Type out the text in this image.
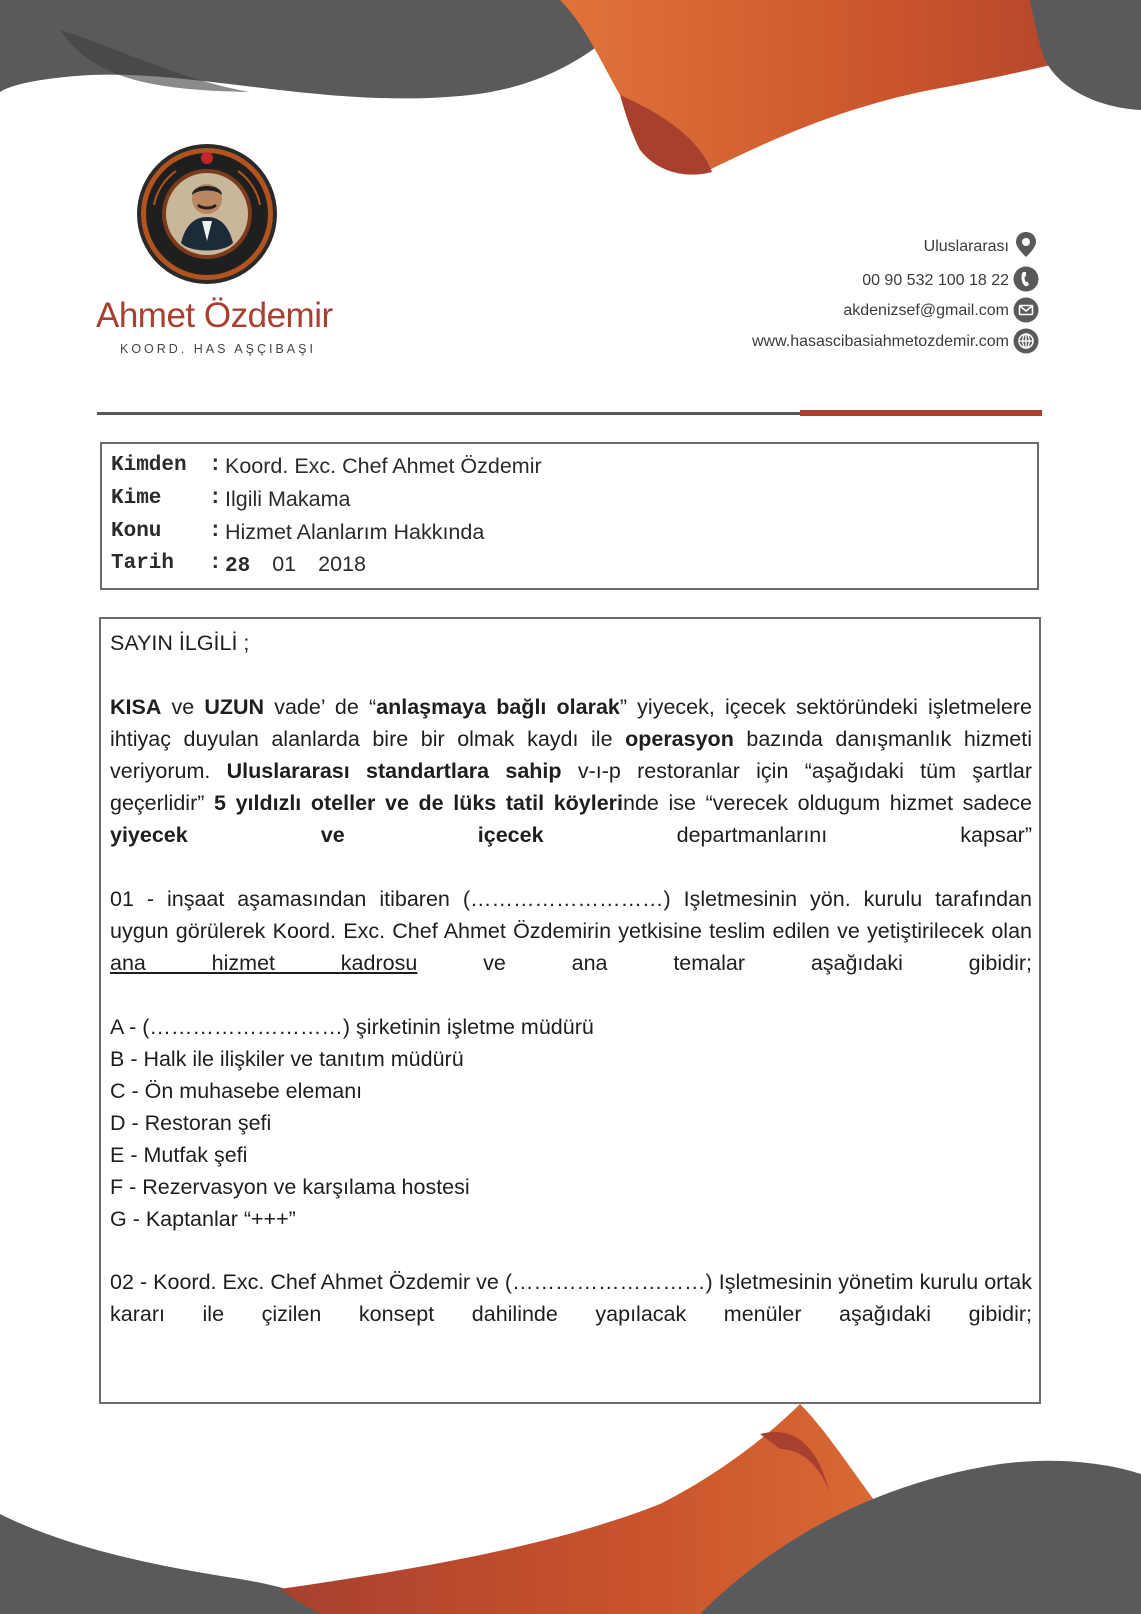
Ahmet Özdemir
KOORD. HAS AŞÇIBAŞI
Uluslararası
00 90 532 100 18 22
akdenizsef@gmail.com
www.hasascibasiahmetozdemir.com
Kimden : Koord. Exc. Chef Ahmet Özdemir
Kime : Ilgili Makama
Konu : Hizmet Alanlarım Hakkında
Tarih : 28 01 2018
SAYIN İLGİLİ ;
KISA ve UZUN vade’ de “anlaşmaya bağlı olarak” yiyecek, içecek sektöründeki işletmelere ihtiyaç duyulan alanlarda bire bir olmak kaydı ile operasyon bazında danışmanlık hizmeti veriyorum. Uluslararası standartlara sahip v-ı-p restoranlar için “aşağıdaki tüm şartlar geçerlidir” 5 yıldızlı oteller ve de lüks tatil köylerinde ise “verecek oldugum hizmet sadece yiyecek ve içecek departmanlarını kapsar”
01 - inşaat aşamasından itibaren (………………………) Işletmesinin yön. kurulu tarafından uygun görülerek Koord. Exc. Chef Ahmet Özdemirin yetkisine teslim edilen ve yetiştirilecek olan ana hizmet kadrosu ve ana temalar aşağıdaki gibidir;
A - (………………………) şirketinin işletme müdürü
B - Halk ile ilişkiler ve tanıtım müdürü
C - Ön muhasebe elemanı
D - Restoran şefi
E - Mutfak şefi
F - Rezervasyon ve karşılama hostesi
G - Kaptanlar “+++”
02 - Koord. Exc. Chef Ahmet Özdemir ve (………………………) Işletmesinin yönetim kurulu ortak kararı ile çizilen konsept dahilinde yapılacak menüler aşağıdaki gibidir;
